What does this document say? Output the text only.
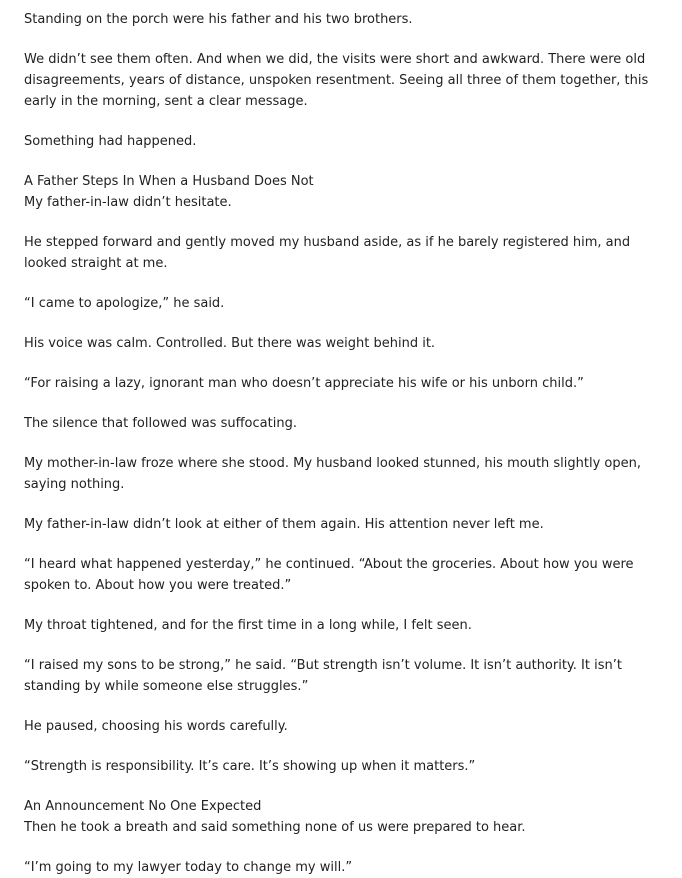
Standing on the porch were his father and his two brothers.

We didn’t see them often. And when we did, the visits were short and awkward. There were old disagreements, years of distance, unspoken resentment. Seeing all three of them together, this early in the morning, sent a clear message.

Something had happened.

A Father Steps In When a Husband Does Not
My father-in-law didn’t hesitate.

He stepped forward and gently moved my husband aside, as if he barely registered him, and looked straight at me.

“I came to apologize,” he said.

His voice was calm. Controlled. But there was weight behind it.

“For raising a lazy, ignorant man who doesn’t appreciate his wife or his unborn child.”

The silence that followed was suffocating.

My mother-in-law froze where she stood. My husband looked stunned, his mouth slightly open, saying nothing.

My father-in-law didn’t look at either of them again. His attention never left me.

“I heard what happened yesterday,” he continued. “About the groceries. About how you were spoken to. About how you were treated.”

My throat tightened, and for the first time in a long while, I felt seen.

“I raised my sons to be strong,” he said. “But strength isn’t volume. It isn’t authority. It isn’t standing by while someone else struggles.”

He paused, choosing his words carefully.

“Strength is responsibility. It’s care. It’s showing up when it matters.”

An Announcement No One Expected
Then he took a breath and said something none of us were prepared to hear.

“I’m going to my lawyer today to change my will.”
